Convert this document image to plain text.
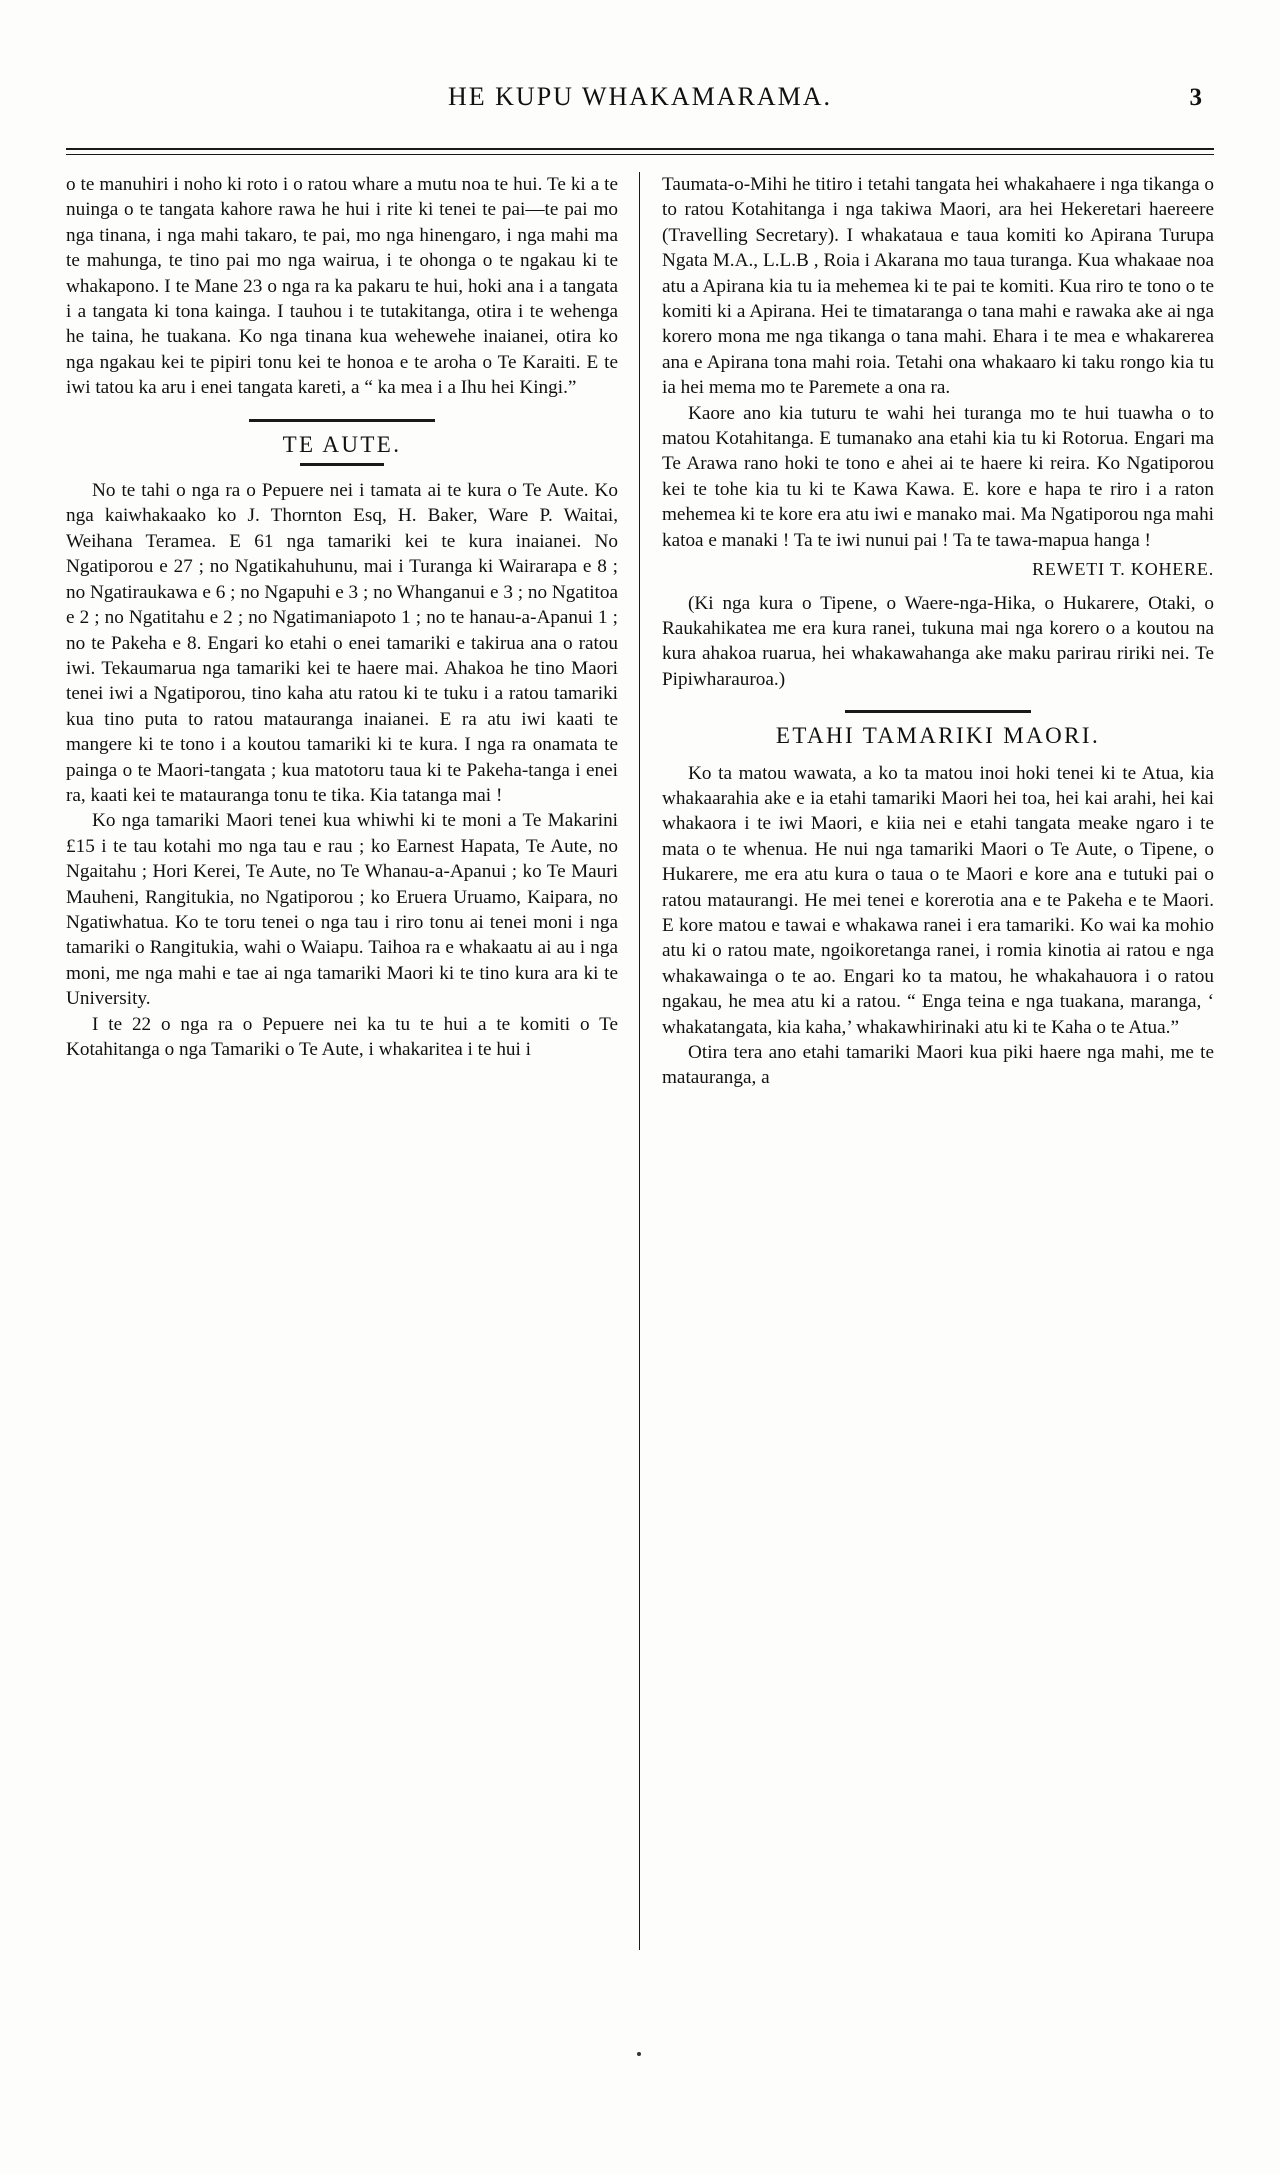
HE KUPU WHAKAMARAMA.	3

o te manuhiri i noho ki roto i o ratou whare a mutu noa te hui. Te ki a te nuinga o te tangata kahore rawa he hui i rite ki tenei te pai—te pai mo nga tinana, i nga mahi takaro, te pai, mo nga hinengaro, i nga mahi ma te mahunga, te tino pai mo nga wairua, i te ohonga o te ngakau ki te whakapono. I te Mane 23 o nga ra ka pakaru te hui, hoki ana i a tangata i a tangata ki tona kainga. I tauhou i te tutakitanga, otira i te wehenga he taina, he tuakana. Ko nga tinana kua wehewehe inaianei, otira ko nga ngakau kei te pipiri tonu kei te honoa e te aroha o Te Karaiti. E te iwi tatou ka aru i enei tangata kareti, a “ ka mea i a Ihu hei Kingi.”

TE AUTE.

No te tahi o nga ra o Pepuere nei i tamata ai te kura o Te Aute. Ko nga kaiwhakaako ko J. Thornton Esq, H. Baker, Ware P. Waitai, Weihana Teramea. E 61 nga tamariki kei te kura inaianei. No Ngatiporou e 27 ; no Ngatikahuhunu, mai i Turanga ki Wairarapa e 8 ; no Ngatiraukawa e 6 ; no Ngapuhi e 3 ; no Whanganui e 3 ; no Ngatitoa e 2 ; no Ngatitahu e 2 ; no Ngatimaniapoto 1 ; no te hanau-a-Apanui 1 ; no te Pakeha e 8. Engari ko etahi o enei tamariki e takirua ana o ratou iwi. Tekaumarua nga tamariki kei te haere mai. Ahakoa he tino Maori tenei iwi a Ngatiporou, tino kaha atu ratou ki te tuku i a ratou tamariki kua tino puta to ratou matauranga inaianei. E ra atu iwi kaati te mangere ki te tono i a koutou tamariki ki te kura. I nga ra onamata te painga o te Maori-tangata ; kua matotoru taua ki te Pakeha-tanga i enei ra, kaati kei te matauranga tonu te tika. Kia tatanga mai !

Ko nga tamariki Maori tenei kua whiwhi ki te moni a Te Makarini £15 i te tau kotahi mo nga tau e rau ; ko Earnest Hapata, Te Aute, no Ngaitahu ; Hori Kerei, Te Aute, no Te Whanau-a-Apanui ; ko Te Mauri Mauheni, Rangitukia, no Ngatiporou ; ko Eruera Uruamo, Kaipara, no Ngatiwhatua. Ko te toru tenei o nga tau i riro tonu ai tenei moni i nga tamariki o Rangitukia, wahi o Waiapu. Taihoa ra e whakaatu ai au i nga moni, me nga mahi e tae ai nga tamariki Maori ki te tino kura ara ki te University.

I te 22 o nga ra o Pepuere nei ka tu te hui a te komiti o Te Kotahitanga o nga Tamariki o Te Aute, i whakaritea i te hui i

Taumata-o-Mihi he titiro i tetahi tangata hei whakahaere i nga tikanga o to ratou Kotahitanga i nga takiwa Maori, ara hei Hekeretari haereere (Travelling Secretary). I whakataua e taua komiti ko Apirana Turupa Ngata M.A., L.L.B , Roia i Akarana mo taua turanga. Kua whakaae noa atu a Apirana kia tu ia mehemea ki te pai te komiti. Kua riro te tono o te komiti ki a Apirana. Hei te timataranga o tana mahi e rawaka ake ai nga korero mona me nga tikanga o tana mahi. Ehara i te mea e whakarerea ana e Apirana tona mahi roia. Tetahi ona whakaaro ki taku rongo kia tu ia hei mema mo te Paremete a ona ra.

Kaore ano kia tuturu te wahi hei turanga mo te hui tuawha o to matou Kotahitanga. E tumanako ana etahi kia tu ki Rotorua. Engari ma Te Arawa rano hoki te tono e ahei ai te haere ki reira. Ko Ngatiporou kei te tohe kia tu ki te Kawa Kawa. E. kore e hapa te riro i a raton mehemea ki te kore era atu iwi e manako mai. Ma Ngatiporou nga mahi katoa e manaki ! Ta te iwi nunui pai ! Ta te tawa-mapua hanga !

REWETI T. KOHERE.

(Ki nga kura o Tipene, o Waere-nga-Hika, o Hukarere, Otaki, o Raukahikatea me era kura ranei, tukuna mai nga korero o a koutou na kura ahakoa ruarua, hei whakawahanga ake maku parirau ririki nei. Te Pipiwharauroa.)

ETAHI TAMARIKI MAORI.

Ko ta matou wawata, a ko ta matou inoi hoki tenei ki te Atua, kia whakaarahia ake e ia etahi tamariki Maori hei toa, hei kai arahi, hei kai whakaora i te iwi Maori, e kiia nei e etahi tangata meake ngaro i te mata o te whenua. He nui nga tamariki Maori o Te Aute, o Tipene, o Hukarere, me era atu kura o taua o te Maori e kore ana e tutuki pai o ratou mataurangi. He mei tenei e korerotia ana e te Pakeha e te Maori. E kore matou e tawai e whakawa ranei i era tamariki. Ko wai ka mohio atu ki o ratou mate, ngoikoretanga ranei, i romia kinotia ai ratou e nga whakawainga o te ao. Engari ko ta matou, he whakahauora i o ratou ngakau, he mea atu ki a ratou. “ Enga teina e nga tuakana, maranga, ‘ whakatangata, kia kaha,’ whakawhirinaki atu ki te Kaha o te Atua.”

Otira tera ano etahi tamariki Maori kua piki haere nga mahi, me te matauranga, a
